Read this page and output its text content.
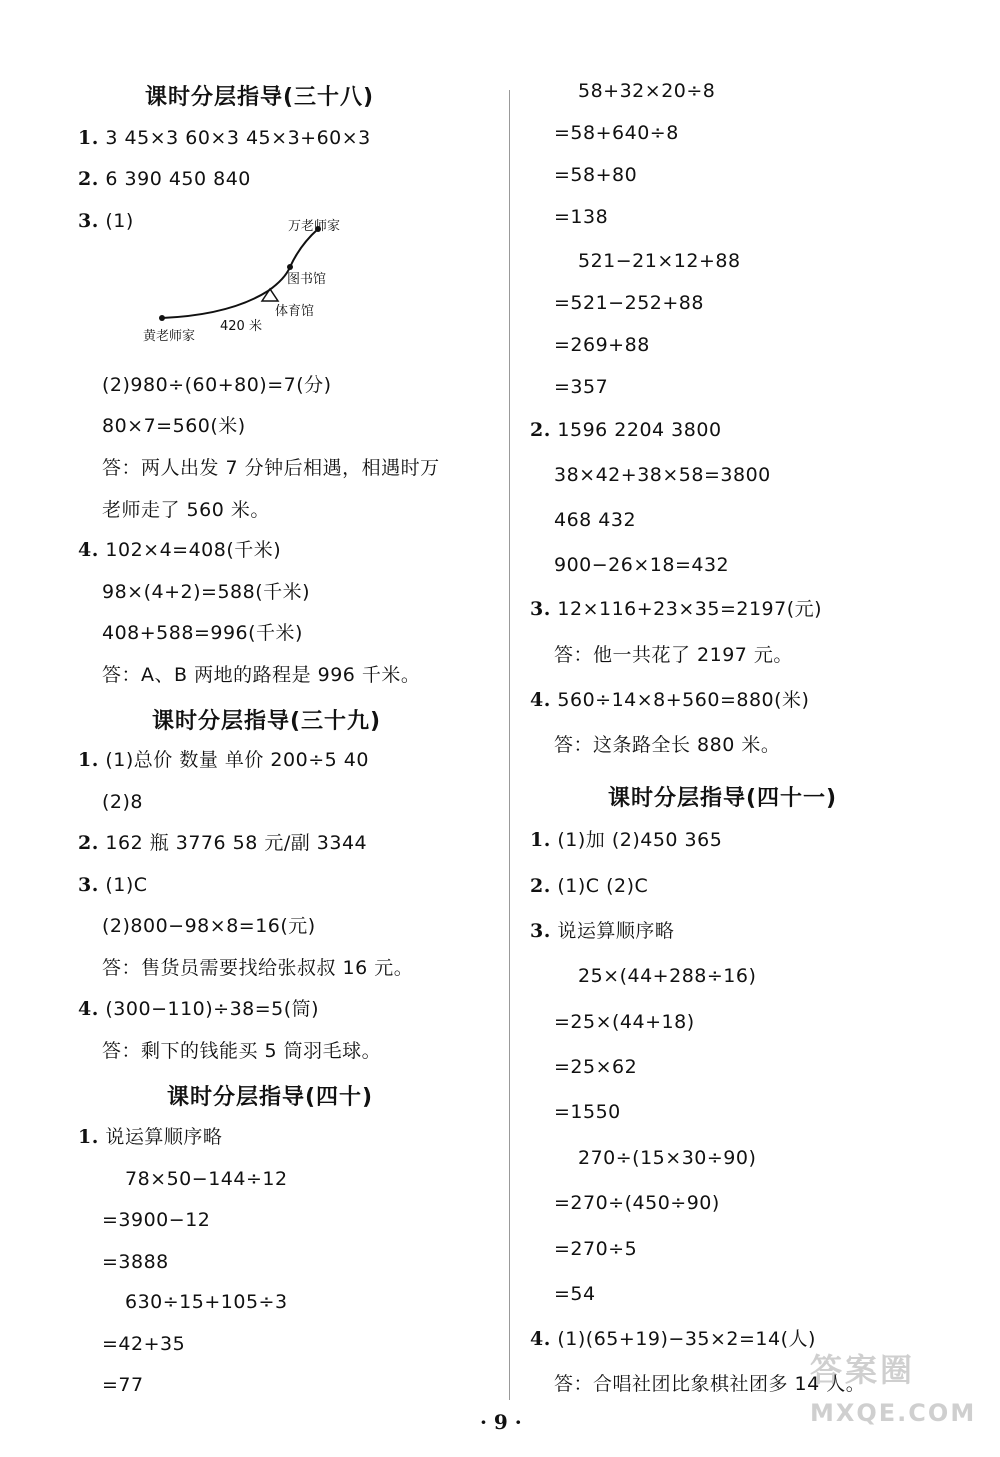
课时分层指导(三十八)
1. 3 45×3 60×3 45×3+60×3
2. 6 390 450 840
3. (1)	万老师家
图书馆
体育馆
黄老师家
420 米
(2)980÷(60+80)=7(分)
80×7=560(米)
答：两人出发 7 分钟后相遇，相遇时万
老师走了 560 米。
4. 102×4=408(千米)
98×(4+2)=588(千米)
408+588=996(千米)
答：A、B 两地的路程是 996 千米。
课时分层指导(三十九)
1. (1)总价 数量 单价 200÷5 40
(2)8
2. 162 瓶 3776 58 元/副 3344
3. (1)C
(2)800−98×8=16(元)
答：售货员需要找给张叔叔 16 元。
4. (300−110)÷38=5(筒)
答：剩下的钱能买 5 筒羽毛球。
课时分层指导(四十)
1. 说运算顺序略
78×50−144÷12
=3900−12
=3888
630÷15+105÷3
=42+35
=77
58+32×20÷8
=58+640÷8
=58+80
=138
521−21×12+88
=521−252+88
=269+88
=357
2. 1596 2204 3800
38×42+38×58=3800
468 432
900−26×18=432
3. 12×116+23×35=2197(元)
答：他一共花了 2197 元。
4. 560÷14×8+560=880(米)
答：这条路全长 880 米。
课时分层指导(四十一)
1. (1)加 (2)450 365
2. (1)C (2)C
3. 说运算顺序略
25×(44+288÷16)
=25×(44+18)
=25×62
=1550
270÷(15×30÷90)
=270÷(450÷90)
=270÷5
=54
4. (1)(65+19)−35×2=14(人)
答：合唱社团比象棋社团多 14 人。
· 9 ·
答案圈
MXQE.COM
